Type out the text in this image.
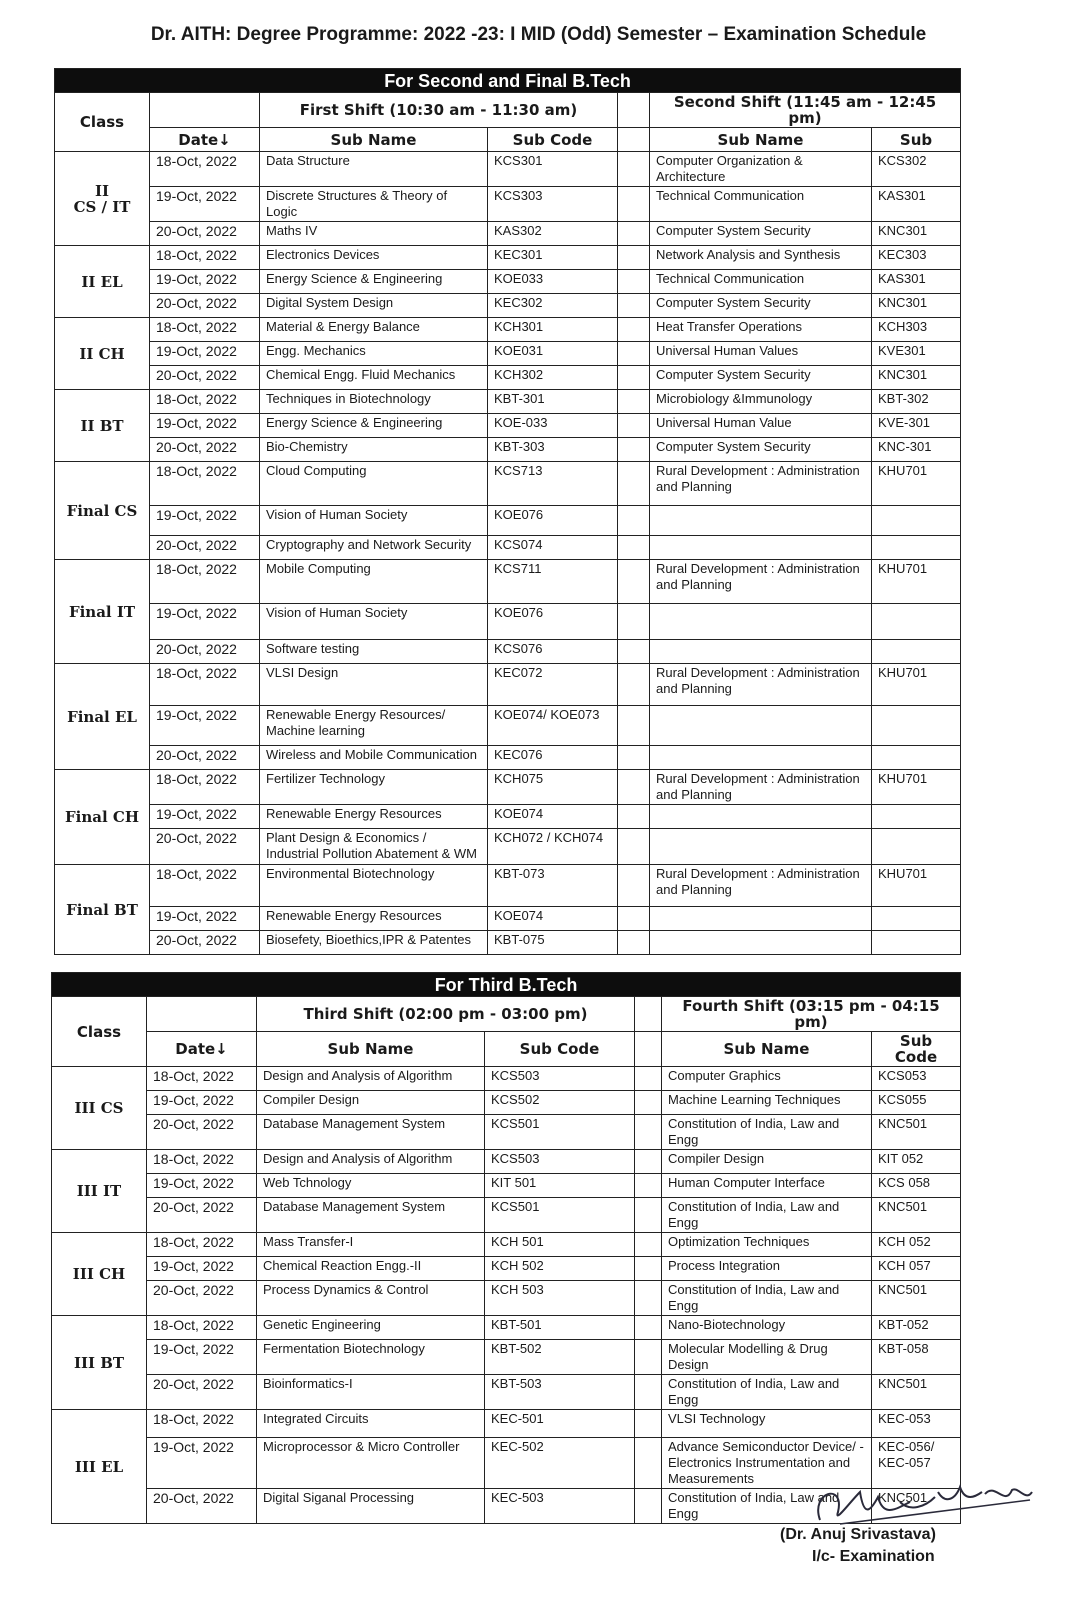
Dr. AITH: Degree Programme: 2022 -23: I MID (Odd) Semester – Examination Schedule
For Second and Final B.Tech						
Class		First Shift (10:30 am - 11:30 am)			Second Shift (11:45 am - 12:45 pm)	
	Date↓	Sub Name	Sub Code		Sub Name	Sub
II
CS / IT	18-Oct, 2022	Data Structure	KCS301		Computer Organization & Architecture	KCS302
	19-Oct, 2022	Discrete Structures & Theory of Logic	KCS303		Technical Communication	KAS301
	20-Oct, 2022	Maths IV	KAS302		Computer System Security	KNC301
II EL	18-Oct, 2022	Electronics Devices	KEC301		Network Analysis and Synthesis	KEC303
	19-Oct, 2022	Energy Science & Engineering	KOE033		Technical Communication	KAS301
	20-Oct, 2022	Digital System Design	KEC302		Computer System Security	KNC301
II CH	18-Oct, 2022	Material & Energy Balance	KCH301		Heat Transfer Operations	KCH303
	19-Oct, 2022	Engg. Mechanics	KOE031		Universal Human Values	KVE301
	20-Oct, 2022	Chemical Engg. Fluid Mechanics	KCH302		Computer System Security	KNC301
II BT	18-Oct, 2022	Techniques in Biotechnology	KBT-301		Microbiology &Immunology	KBT-302
	19-Oct, 2022	Energy Science & Engineering	KOE-033		Universal Human Value	KVE-301
	20-Oct, 2022	Bio-Chemistry	KBT-303		Computer System Security	KNC-301
Final CS	18-Oct, 2022	Cloud Computing	KCS713		Rural Development : Administration and Planning	KHU701
	19-Oct, 2022	Vision of Human Society	KOE076			
	20-Oct, 2022	Cryptography and Network Security	KCS074			
Final IT	18-Oct, 2022	Mobile Computing	KCS711		Rural Development : Administration and Planning	KHU701
	19-Oct, 2022	Vision of Human Society	KOE076			
	20-Oct, 2022	Software testing	KCS076			
Final EL	18-Oct, 2022	VLSI Design	KEC072		Rural Development : Administration and Planning	KHU701
	19-Oct, 2022	Renewable Energy Resources/ Machine learning	KOE074/ KOE073			
	20-Oct, 2022	Wireless and Mobile Communication	KEC076			
Final CH	18-Oct, 2022	Fertilizer Technology	KCH075		Rural Development : Administration and Planning	KHU701
	19-Oct, 2022	Renewable Energy Resources	KOE074			
	20-Oct, 2022	Plant Design & Economics / Industrial Pollution Abatement & WM	KCH072 / KCH074			
Final BT	18-Oct, 2022	Environmental Biotechnology	KBT-073		Rural Development : Administration and Planning	KHU701
	19-Oct, 2022	Renewable Energy Resources	KOE074			
	20-Oct, 2022	Biosefety, Bioethics,IPR & Patentes	KBT-075			
For Third B.Tech						
Class		Third Shift (02:00 pm - 03:00 pm)			Fourth Shift (03:15 pm - 04:15 pm)	
	Date↓	Sub Name	Sub Code		Sub Name	Sub Code
III CS	18-Oct, 2022	Design and Analysis of Algorithm	KCS503		Computer Graphics	KCS053
	19-Oct, 2022	Compiler Design	KCS502		Machine Learning Techniques	KCS055
	20-Oct, 2022	Database Management System	KCS501		Constitution of India, Law and Engg	KNC501
III IT	18-Oct, 2022	Design and Analysis of Algorithm	KCS503		Compiler Design	KIT 052
	19-Oct, 2022	Web Tchnology	KIT 501		Human Computer Interface	KCS 058
	20-Oct, 2022	Database Management System	KCS501		Constitution of India, Law and Engg	KNC501
III CH	18-Oct, 2022	Mass Transfer-I	KCH 501		Optimization Techniques	KCH 052
	19-Oct, 2022	Chemical Reaction Engg.-II	KCH 502		Process Integration	KCH 057
	20-Oct, 2022	Process Dynamics & Control	KCH 503		Constitution of India, Law and Engg	KNC501
III BT	18-Oct, 2022	Genetic Engineering	KBT-501		Nano-Biotechnology	KBT-052
	19-Oct, 2022	Fermentation Biotechnology	KBT-502		Molecular Modelling & Drug Design	KBT-058
	20-Oct, 2022	Bioinformatics-I	KBT-503		Constitution of India, Law and Engg	KNC501
III EL	18-Oct, 2022	Integrated Circuits	KEC-501		VLSI Technology	KEC-053
	19-Oct, 2022	Microprocessor & Micro Controller	KEC-502		Advance Semiconductor Device/ - Electronics Instrumentation and Measurements	KEC-056/ KEC-057
	20-Oct, 2022	Digital Siganal Processing	KEC-503		Constitution of India, Law and Engg	KNC501
(Dr. Anuj Srivastava)
I/c- Examination
